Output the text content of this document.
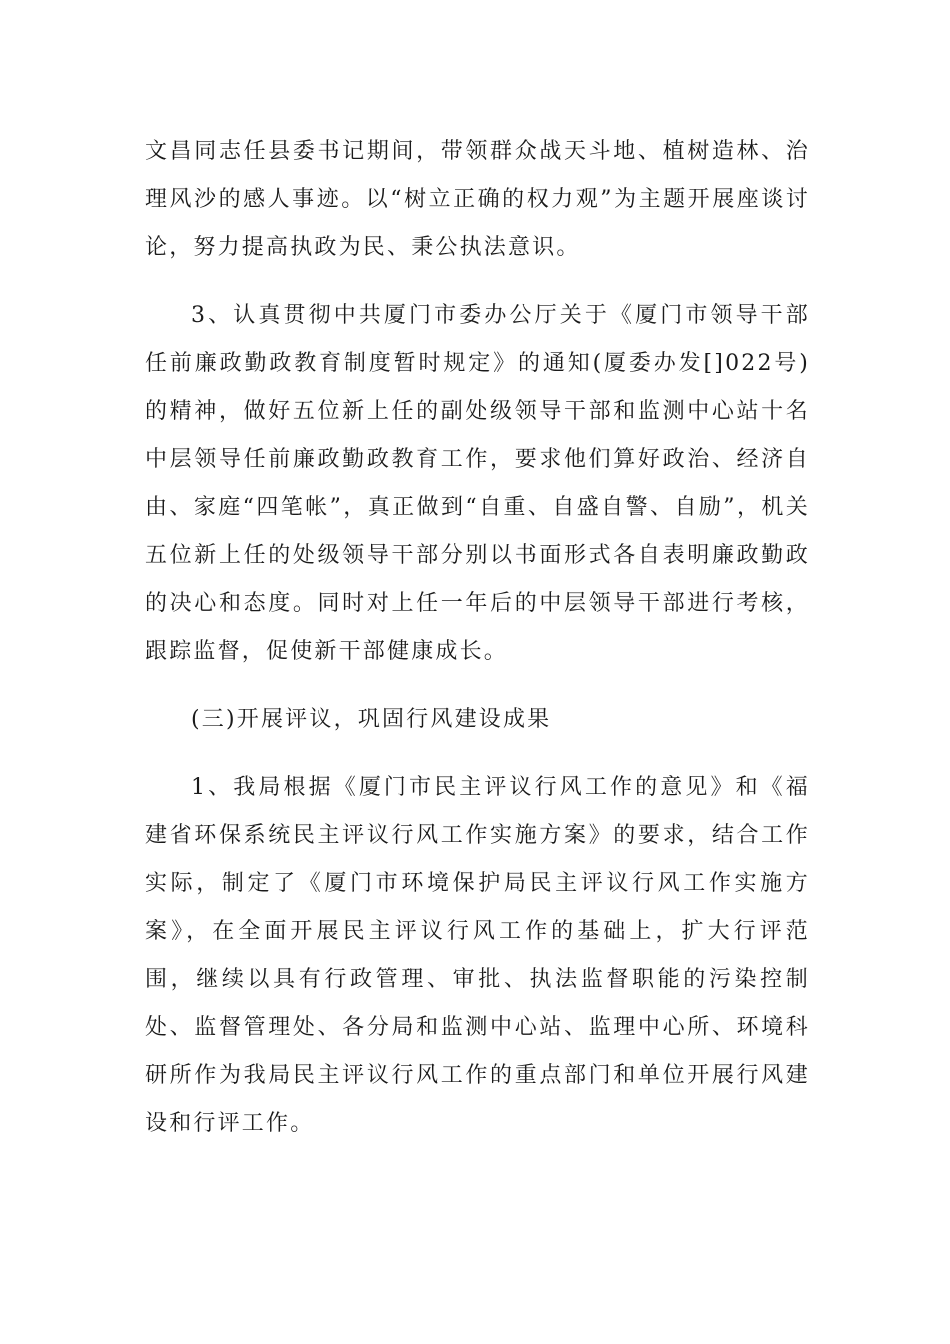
文昌同志任县委书记期间，带领群众战天斗地、植树造林、治理风沙的感人事迹。以“树立正确的权力观”为主题开展座谈讨论，努力提高执政为民、秉公执法意识。

3、认真贯彻中共厦门市委办公厅关于《厦门市领导干部任前廉政勤政教育制度暂时规定》的通知(厦委办发[]022号)的精神，做好五位新上任的副处级领导干部和监测中心站十名中层领导任前廉政勤政教育工作，要求他们算好政治、经济自由、家庭“四笔帐”，真正做到“自重、自盛自警、自励”，机关五位新上任的处级领导干部分别以书面形式各自表明廉政勤政的决心和态度。同时对上任一年后的中层领导干部进行考核，跟踪监督，促使新干部健康成长。

(三)开展评议，巩固行风建设成果

1、我局根据《厦门市民主评议行风工作的意见》和《福建省环保系统民主评议行风工作实施方案》的要求，结合工作实际，制定了《厦门市环境保护局民主评议行风工作实施方案》，在全面开展民主评议行风工作的基础上，扩大行评范围，继续以具有行政管理、审批、执法监督职能的污染控制处、监督管理处、各分局和监测中心站、监理中心所、环境科研所作为我局民主评议行风工作的重点部门和单位开展行风建设和行评工作。
